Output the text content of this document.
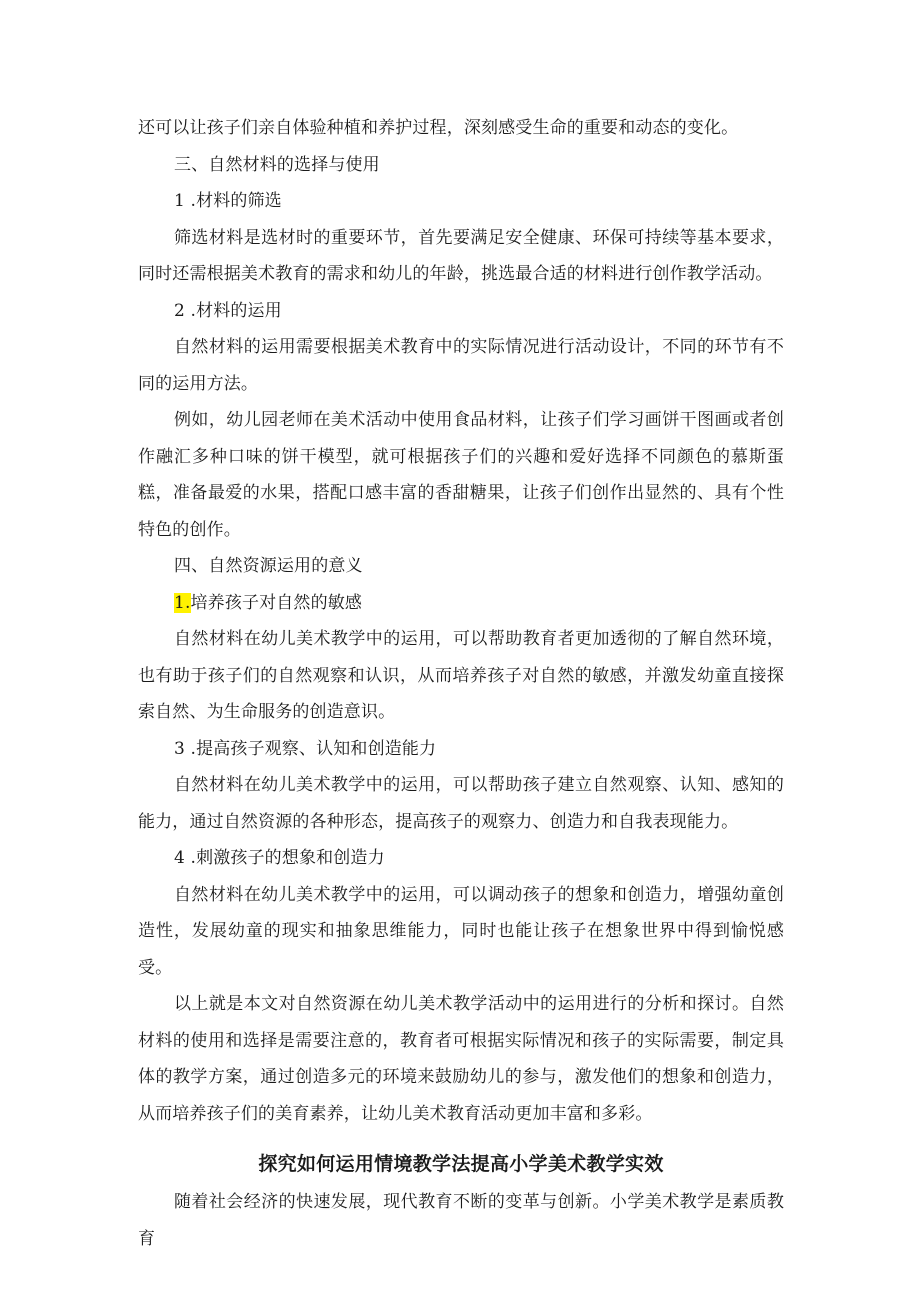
还可以让孩子们亲自体验种植和养护过程，深刻感受生命的重要和动态的变化。

三、自然材料的选择与使用

1 .材料的筛选

筛选材料是选材时的重要环节，首先要满足安全健康、环保可持续等基本要求，同时还需根据美术教育的需求和幼儿的年龄，挑选最合适的材料进行创作教学活动。

2 .材料的运用

自然材料的运用需要根据美术教育中的实际情况进行活动设计，不同的环节有不同的运用方法。

例如，幼儿园老师在美术活动中使用食品材料，让孩子们学习画饼干图画或者创作融汇多种口味的饼干模型，就可根据孩子们的兴趣和爱好选择不同颜色的慕斯蛋糕，准备最爱的水果，搭配口感丰富的香甜糖果，让孩子们创作出显然的、具有个性特色的创作。

四、自然资源运用的意义

1.培养孩子对自然的敏感

自然材料在幼儿美术教学中的运用，可以帮助教育者更加透彻的了解自然环境，也有助于孩子们的自然观察和认识，从而培养孩子对自然的敏感，并激发幼童直接探索自然、为生命服务的创造意识。

3 .提高孩子观察、认知和创造能力

自然材料在幼儿美术教学中的运用，可以帮助孩子建立自然观察、认知、感知的能力，通过自然资源的各种形态，提高孩子的观察力、创造力和自我表现能力。

4 .刺激孩子的想象和创造力

自然材料在幼儿美术教学中的运用，可以调动孩子的想象和创造力，增强幼童创造性，发展幼童的现实和抽象思维能力，同时也能让孩子在想象世界中得到愉悦感受。

以上就是本文对自然资源在幼儿美术教学活动中的运用进行的分析和探讨。自然材料的使用和选择是需要注意的，教育者可根据实际情况和孩子的实际需要，制定具体的教学方案，通过创造多元的环境来鼓励幼儿的参与，激发他们的想象和创造力，从而培养孩子们的美育素养，让幼儿美术教育活动更加丰富和多彩。

探究如何运用情境教学法提高小学美术教学实效

随着社会经济的快速发展，现代教育不断的变革与创新。小学美术教学是素质教育
